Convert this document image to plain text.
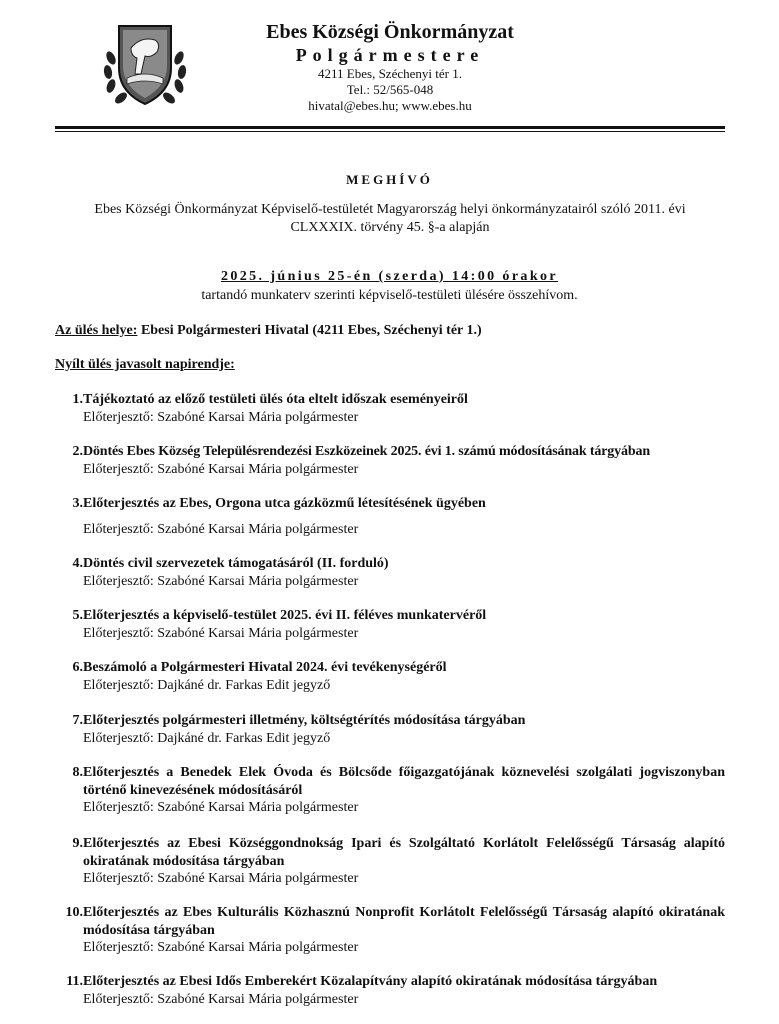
Ebes Községi Önkormányzat
Polgármestere
4211 Ebes, Széchenyi tér 1.
Tel.: 52/565-048
hivatal@ebes.hu; www.ebes.hu
MEGHÍVÓ
Ebes Községi Önkormányzat Képviselő-testületét Magyarország helyi önkormányzatairól szóló 2011. évi
CLXXXIX. törvény 45. §-a alapján
2025. június 25-én (szerda) 14:00 órakor
tartandó munkaterv szerinti képviselő-testületi ülésére összehívom.
Az ülés helye: Ebesi Polgármesteri Hivatal (4211 Ebes, Széchenyi tér 1.)
Nyílt ülés javasolt napirendje:
1. Tájékoztató az előző testületi ülés óta eltelt időszak eseményeiről
Előterjesztő: Szabóné Karsai Mária polgármester
2. Döntés Ebes Község Településrendezési Eszközeinek 2025. évi 1. számú módosításának tárgyában
Előterjesztő: Szabóné Karsai Mária polgármester
3. Előterjesztés az Ebes, Orgona utca gázközmű létesítésének ügyében
Előterjesztő: Szabóné Karsai Mária polgármester
4. Döntés civil szervezetek támogatásáról (II. forduló)
Előterjesztő: Szabóné Karsai Mária polgármester
5. Előterjesztés a képviselő-testület 2025. évi II. féléves munkatervéről
Előterjesztő: Szabóné Karsai Mária polgármester
6. Beszámoló a Polgármesteri Hivatal 2024. évi tevékenységéről
Előterjesztő: Dajkáné dr. Farkas Edit jegyző
7. Előterjesztés polgármesteri illetmény, költségtérítés módosítása tárgyában
Előterjesztő: Dajkáné dr. Farkas Edit jegyző
8. Előterjesztés a Benedek Elek Óvoda és Bölcsőde főigazgatójának köznevelési szolgálati jogviszonyban történő kinevezésének módosításáról
Előterjesztő: Szabóné Karsai Mária polgármester
9. Előterjesztés az Ebesi Községgondnokság Ipari és Szolgáltató Korlátolt Felelősségű Társaság alapító okiratának módosítása tárgyában
Előterjesztő: Szabóné Karsai Mária polgármester
10. Előterjesztés az Ebes Kulturális Közhasznú Nonprofit Korlátolt Felelősségű Társaság alapító okiratának módosítása tárgyában
Előterjesztő: Szabóné Karsai Mária polgármester
11. Előterjesztés az Ebesi Idős Emberekért Közalapítvány alapító okiratának módosítása tárgyában
Előterjesztő: Szabóné Karsai Mária polgármester
